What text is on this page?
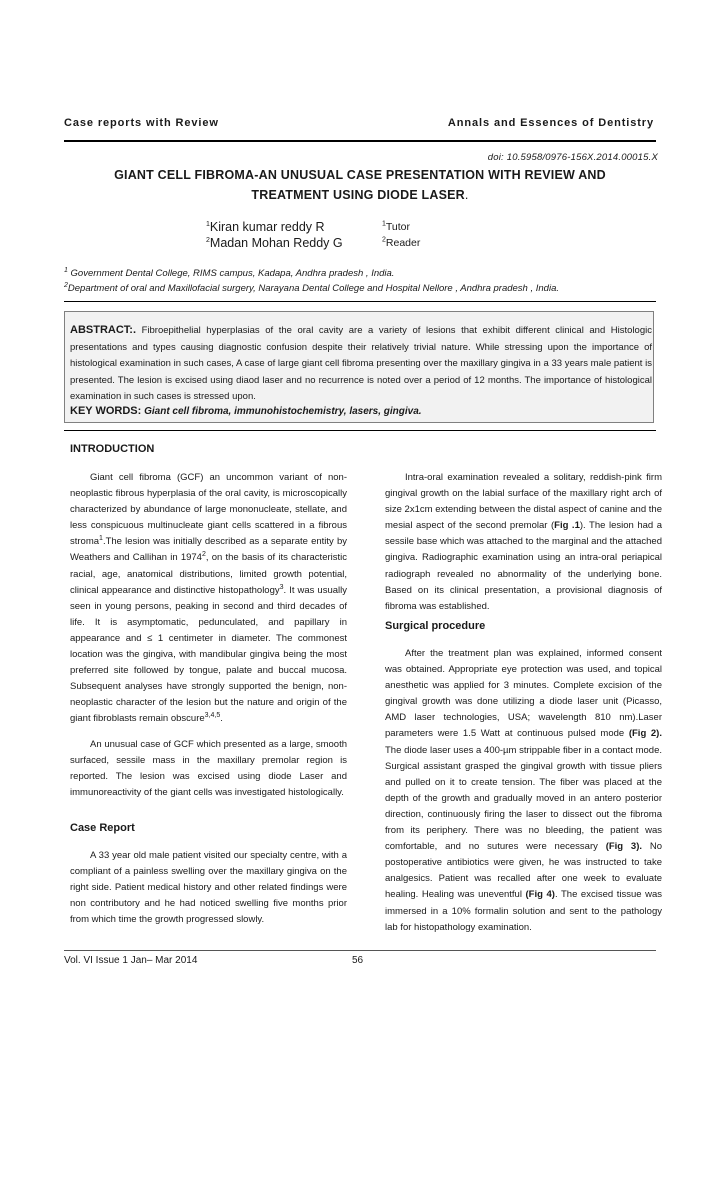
Case reports with Review	Annals and Essences of Dentistry
doi: 10.5958/0976-156X.2014.00015.X
GIANT CELL FIBROMA-AN UNUSUAL CASE PRESENTATION WITH REVIEW AND
TREATMENT USING DIODE LASER.
$^1$Kiran kumar reddy R	$^1$Tutor
$^2$Madan Mohan Reddy G	$^2$Reader
$^1$ Government Dental College, RIMS campus, Kadapa, Andhra pradesh , India.
$^2$Department of oral and Maxillofacial surgery, Narayana Dental College and Hospital Nellore , Andhra pradesh , India.
ABSTRACT:. Fibroepithelial hyperplasias of the oral cavity are a variety of lesions that exhibit different clinical and Histologic presentations and types causing diagnostic confusion despite their relatively trivial nature. While stressing upon the importance of histological examination in such cases, A case of large giant cell fibroma presenting over the maxillary gingiva in a 33 years male patient is presented. The lesion is excised using diaod laser and no recurrence is noted over a period of 12 months. The importance of histological examination in such cases is stressed upon.
KEY WORDS: Giant cell fibroma, immunohistochemistry, lasers, gingiva.
INTRODUCTION

Giant cell fibroma (GCF) an uncommon variant of non-neoplastic fibrous hyperplasia of the oral cavity, is microscopically characterized by abundance of large mononucleate, stellate, and less conspicuous multinucleate giant cells scattered in a fibrous stroma$^1$.The lesion was initially described as a separate entity by Weathers and Callihan in 1974$^2$, on the basis of its characteristic racial, age, anatomical distributions, limited growth potential, clinical appearance and distinctive histopathology$^3$. It was usually seen in young persons, peaking in second and third decades of life. It is asymptomatic, pedunculated, and papillary in appearance and ≤ 1 centimeter in diameter. The commonest location was the gingiva, with mandibular gingiva being the most preferred site followed by tongue, palate and buccal mucosa. Subsequent analyses have strongly supported the benign, non-neoplastic character of the lesion but the nature and origin of the giant fibroblasts remain obscure$^{3,4,5}$.

An unusual case of GCF which presented as a large, smooth surfaced, sessile mass in the maxillary premolar region is reported. The lesion was excised using diode Laser and immunoreactivity of the giant cells was investigated histologically.

Case Report

A 33 year old male patient visited our specialty centre, with a compliant of a painless swelling over the maxillary gingiva on the right side. Patient medical history and other related findings were non contributory and he had noticed swelling five months prior from which time the growth progressed slowly.

Intra-oral examination revealed a solitary, reddish-pink firm gingival growth on the labial surface of the maxillary right arch of size 2x1cm extending between the distal aspect of canine and the mesial aspect of the second premolar (Fig .1). The lesion had a sessile base which was attached to the marginal and the attached gingiva. Radiographic examination using an intra-oral periapical radiograph revealed no abnormality of the underlying bone. Based on its clinical presentation, a provisional diagnosis of fibroma was established.

Surgical procedure

After the treatment plan was explained, informed consent was obtained. Appropriate eye protection was used, and topical anesthetic was applied for 3 minutes. Complete excision of the gingival growth was done utilizing a diode laser unit (Picasso, AMD laser technologies, USA; wavelength 810 nm).Laser parameters were 1.5 Watt at continuous pulsed mode (Fig 2). The diode laser uses a 400-µm strippable fiber in a contact mode. Surgical assistant grasped the gingival growth with tissue pliers and pulled on it to create tension. The fiber was placed at the depth of the growth and gradually moved in an antero posterior direction, continuously firing the laser to dissect out the fibroma from its periphery. There was no bleeding, the patient was comfortable, and no sutures were necessary (Fig 3). No postoperative antibiotics were given, he was instructed to take analgesics. Patient was recalled after one week to evaluate healing. Healing was uneventful (Fig 4). The excised tissue was immersed in a 10% formalin solution and sent to the pathology lab for histopathology examination.

Vol. VI Issue 1 Jan– Mar 2014	56
